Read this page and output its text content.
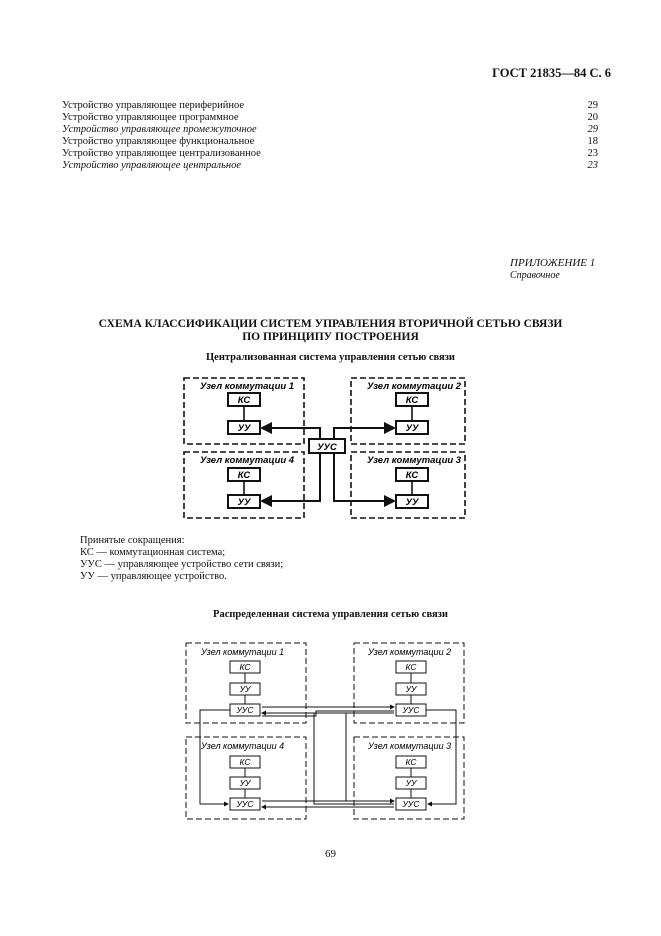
ГОСТ 21835—84 С. 6
Устройство управляющее периферийное	29
Устройство управляющее программное	20
Устройство управляющее промежуточное	29
Устройство управляющее функциональное	18
Устройство управляющее централизованное	23
Устройство управляющее центральное	23
ПРИЛОЖЕНИЕ 1
Справочное
СХЕМА КЛАССИФИКАЦИИ СИСТЕМ УПРАВЛЕНИЯ ВТОРИЧНОЙ СЕТЬЮ СВЯЗИ
ПО ПРИНЦИПУ ПОСТРОЕНИЯ
Централизованная система управления сетью связи
Узел коммутации 1	Узел коммутации 2
Узел коммутации 4	Узел коммутации 3
КС
УУ
КС
УУ
КС
УУ
КС
УУ
УУС
Узел коммутации 1	Узел коммутации 2
Узел коммутации 4	Узел коммутации 3
КС
УУ
УУС
КС
УУ
УУС
КС
УУ
УУС
КС
УУ
УУС
Принятые сокращения:
КС — коммутационная система;
УУС — управляющее устройство сети связи;
УУ — управляющее устройство.
Распределенная система управления сетью связи
69
